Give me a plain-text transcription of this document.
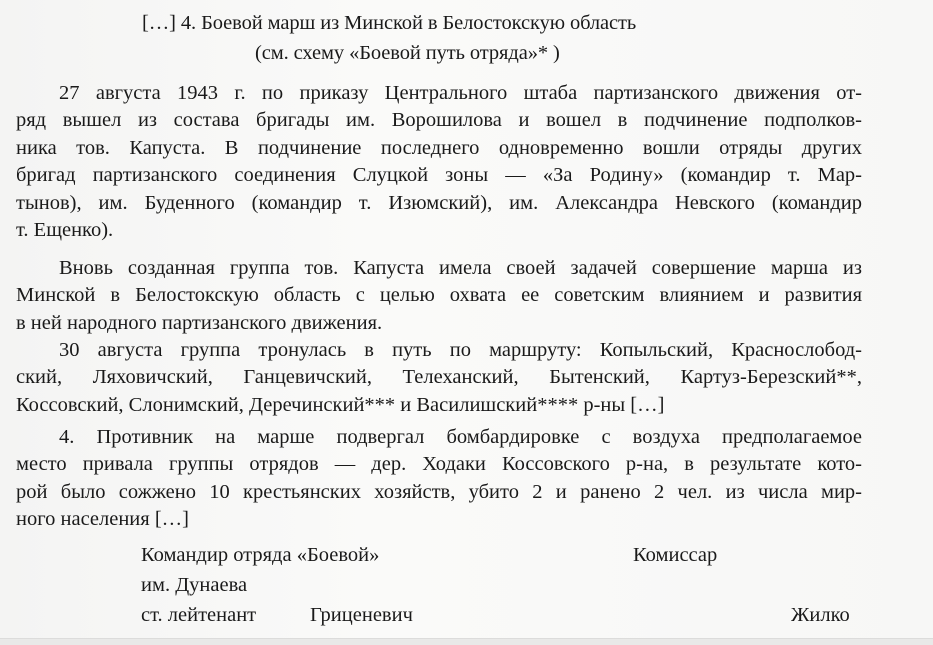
[…] 4. Боевой марш из Минской в Белостокскую область
(см. схему «Боевой путь отряда»* )
27 августа 1943 г. по приказу Центрального штаба партизанского движения от-
ряд вышел из состава бригады им. Ворошилова и вошел в подчинение подполков-
ника тов. Капуста. В подчинение последнего одновременно вошли отряды других
бригад партизанского соединения Слуцкой зоны — «За Родину» (командир т. Мар-
тынов), им. Буденного (командир т. Изюмский), им. Александра Невского (командир
т. Ещенко).
Вновь созданная группа тов. Капуста имела своей задачей совершение марша из
Минской в Белостокскую область с целью охвата ее советским влиянием и развития
в ней народного партизанского движения.
30 августа группа тронулась в путь по маршруту: Копыльский, Краснослобод-
ский, Ляховичский, Ганцевичский, Телеханский, Бытенский, Картуз-Березский**,
Коссовский, Слонимский, Деречинский*** и Василишский**** р-ны […]
4. Противник на марше подвергал бомбардировке с воздуха предполагаемое
место привала группы отрядов — дер. Ходаки Коссовского р-на, в результате кото-
рой было сожжено 10 крестьянских хозяйств, убито 2 и ранено 2 чел. из числа мир-
ного населения […]
Командир отряда «Боевой»
им. Дунаева
ст. лейтенант	Гриценевич
Комиссар
Жилко
